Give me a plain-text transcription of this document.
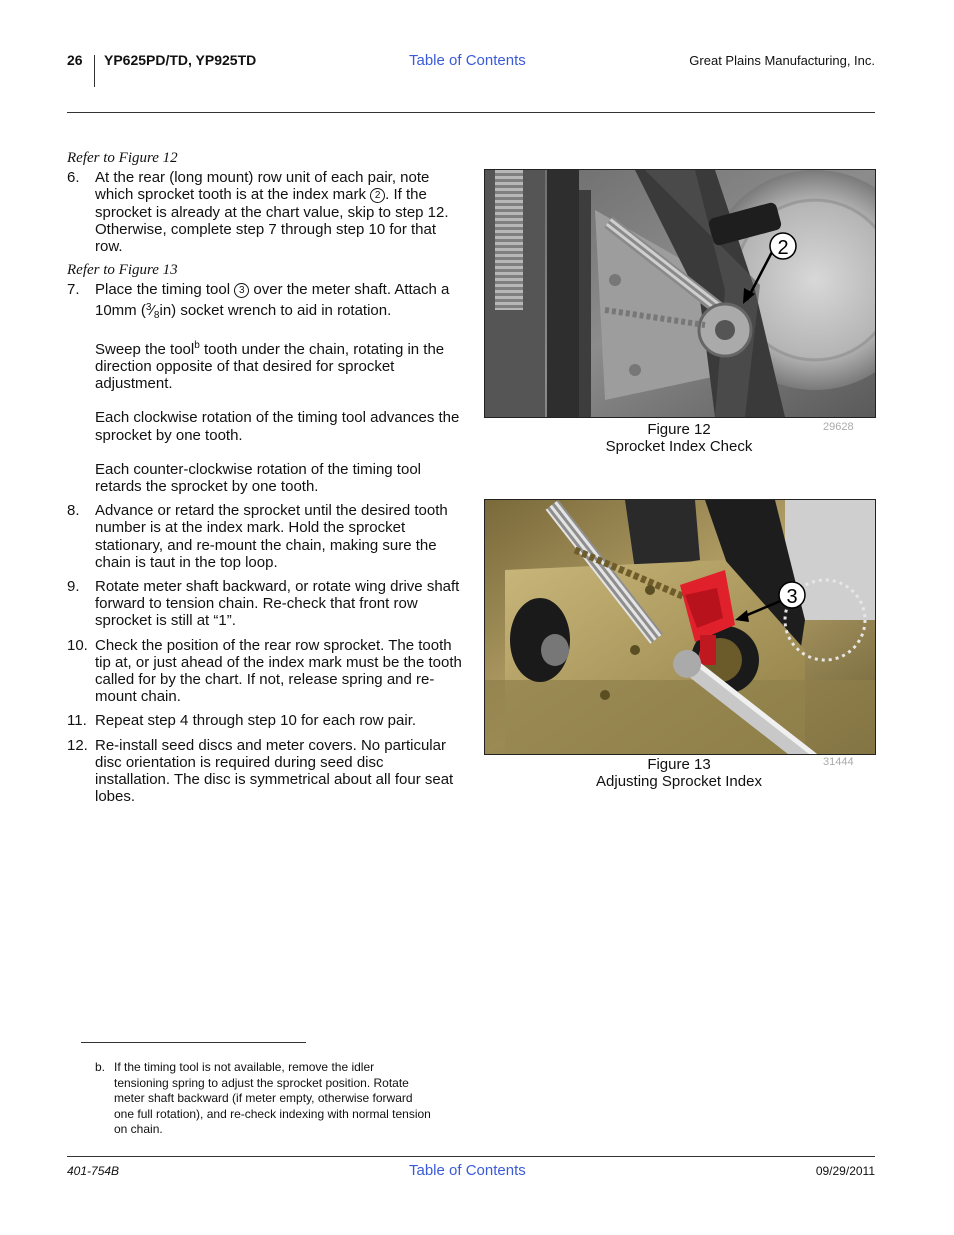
26 YP625PD/TD, YP925TD	Table of Contents	Great Plains Manufacturing, Inc.

Refer to Figure 12

6. At the rear (long mount) row unit of each pair, note which sprocket tooth is at the index mark 2 . If the sprocket is already at the chart value, skip to step 12. Otherwise, complete step 7 through step 10 for that row.

Refer to Figure 13

7. Place the timing tool 3 over the meter shaft. Attach a 10mm $(^3⁄_8in)$ socket wrench to aid in rotation.

Sweep the tool$^b$ tooth under the chain, rotating in the direction opposite of that desired for sprocket adjustment.

Each clockwise rotation of the timing tool advances the sprocket by one tooth.

Each counter-clockwise rotation of the timing tool retards the sprocket by one tooth.

8. Advance or retard the sprocket until the desired tooth number is at the index mark. Hold the sprocket stationary, and re-mount the chain, making sure the chain is taut in the top loop.

9. Rotate meter shaft backward, or rotate wing drive shaft forward to tension chain. Re-check that front row sprocket is still at “1”.

10. Check the position of the rear row sprocket. The tooth tip at, or just ahead of the index mark must be the tooth called for by the chart. If not, release spring and re-mount chain.

11. Repeat step 4 through step 10 for each row pair.

12. Re-install seed discs and meter covers. No particular disc orientation is required during seed disc installation. The disc is symmetrical about all four seat lobes.

2
Figure 12
Sprocket Index Check
29628
3
Figure 13
Adjusting Sprocket Index
31444
b. If the timing tool is not available, remove the idler tensioning spring to adjust the sprocket position. Rotate meter shaft backward (if meter empty, otherwise forward one full rotation), and re-check indexing with normal tension on chain.
401-754B	Table of Contents	09/29/2011
